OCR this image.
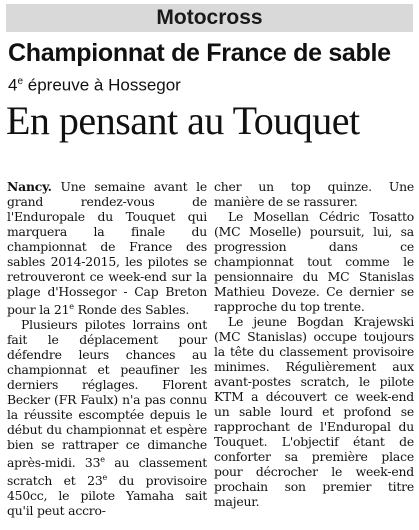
Motocross
Championnat de France de sable
4e épreuve à Hossegor
En pensant au Touquet

Nancy. Une semaine avant le grand rendez-vous de l'Enduropale du Touquet qui marquera la finale du championnat de France des sables 2014-2015, les pilotes se retrouveront ce week-end sur la plage d'Hossegor - Cap Breton pour la 21e Ronde des Sables.

Plusieurs pilotes lorrains ont fait le déplacement pour défendre leurs chances au championnat et peaufiner les derniers réglages. Florent Becker (FR Faulx) n'a pas connu la réussite escomptée depuis le début du championnat et espère bien se rattraper ce dimanche après-midi. 33e au classement scratch et 23e du provisoire 450cc, le pilote Yamaha sait qu'il peut accro-

cher un top quinze. Une manière de se rassurer.

Le Mosellan Cédric Tosatto (MC Moselle) poursuit, lui, sa progression dans ce championnat tout comme le pensionnaire du MC Stanislas Mathieu Doveze. Ce dernier se rapproche du top trente.

Le jeune Bogdan Krajewski (MC Stanislas) occupe toujours la tête du classement provisoire minimes. Régulièrement aux avant-postes scratch, le pilote KTM a découvert ce week-end un sable lourd et profond se rapprochant de l'Enduropal du Touquet. L'objectif étant de conforter sa première place pour décrocher le week-end prochain son premier titre majeur.
